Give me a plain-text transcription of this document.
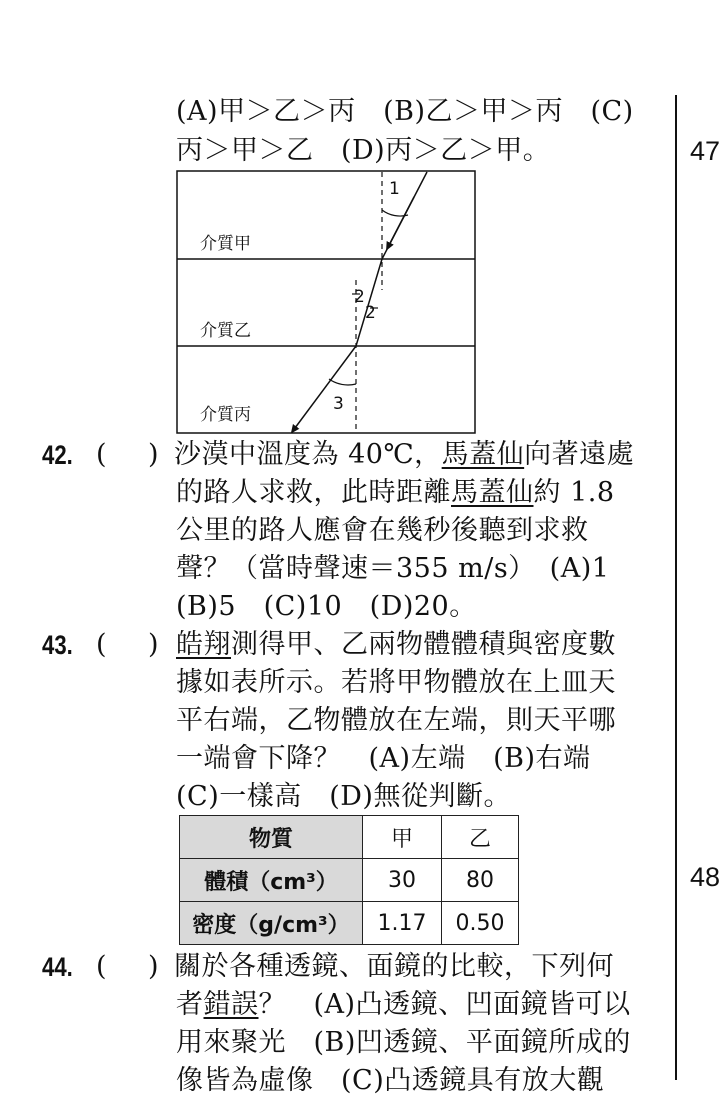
(A)甲＞乙＞丙　(B)乙＞甲＞丙　(C)
丙＞甲＞乙　(D)丙＞乙＞甲。
介質甲
介質乙
介質丙
1
2
2
3
42. ( ) 沙漠中溫度為 40℃，馬蓋仙向著遠處
的路人求救，此時距離馬蓋仙約 1.8
公里的路人應會在幾秒後聽到求救
聲？（當時聲速＝355 m/s）　(A)1
(B)5　(C)10　(D)20。
43. ( ) 皓翔測得甲、乙兩物體體積與密度數
據如表所示。若將甲物體放在上皿天
平右端，乙物體放在左端，則天平哪
一端會下降？　(A)左端　(B)右端
(C)一樣高　(D)無從判斷。
物質	甲	乙
體積（cm³）	30	80
密度（g/cm³）	1.17	0.50
44. ( ) 關於各種透鏡、面鏡的比較，下列何
者錯誤？　(A)凸透鏡、凹面鏡皆可以
用來聚光　(B)凹透鏡、平面鏡所成的
像皆為虛像　(C)凸透鏡具有放大觀
47
48
